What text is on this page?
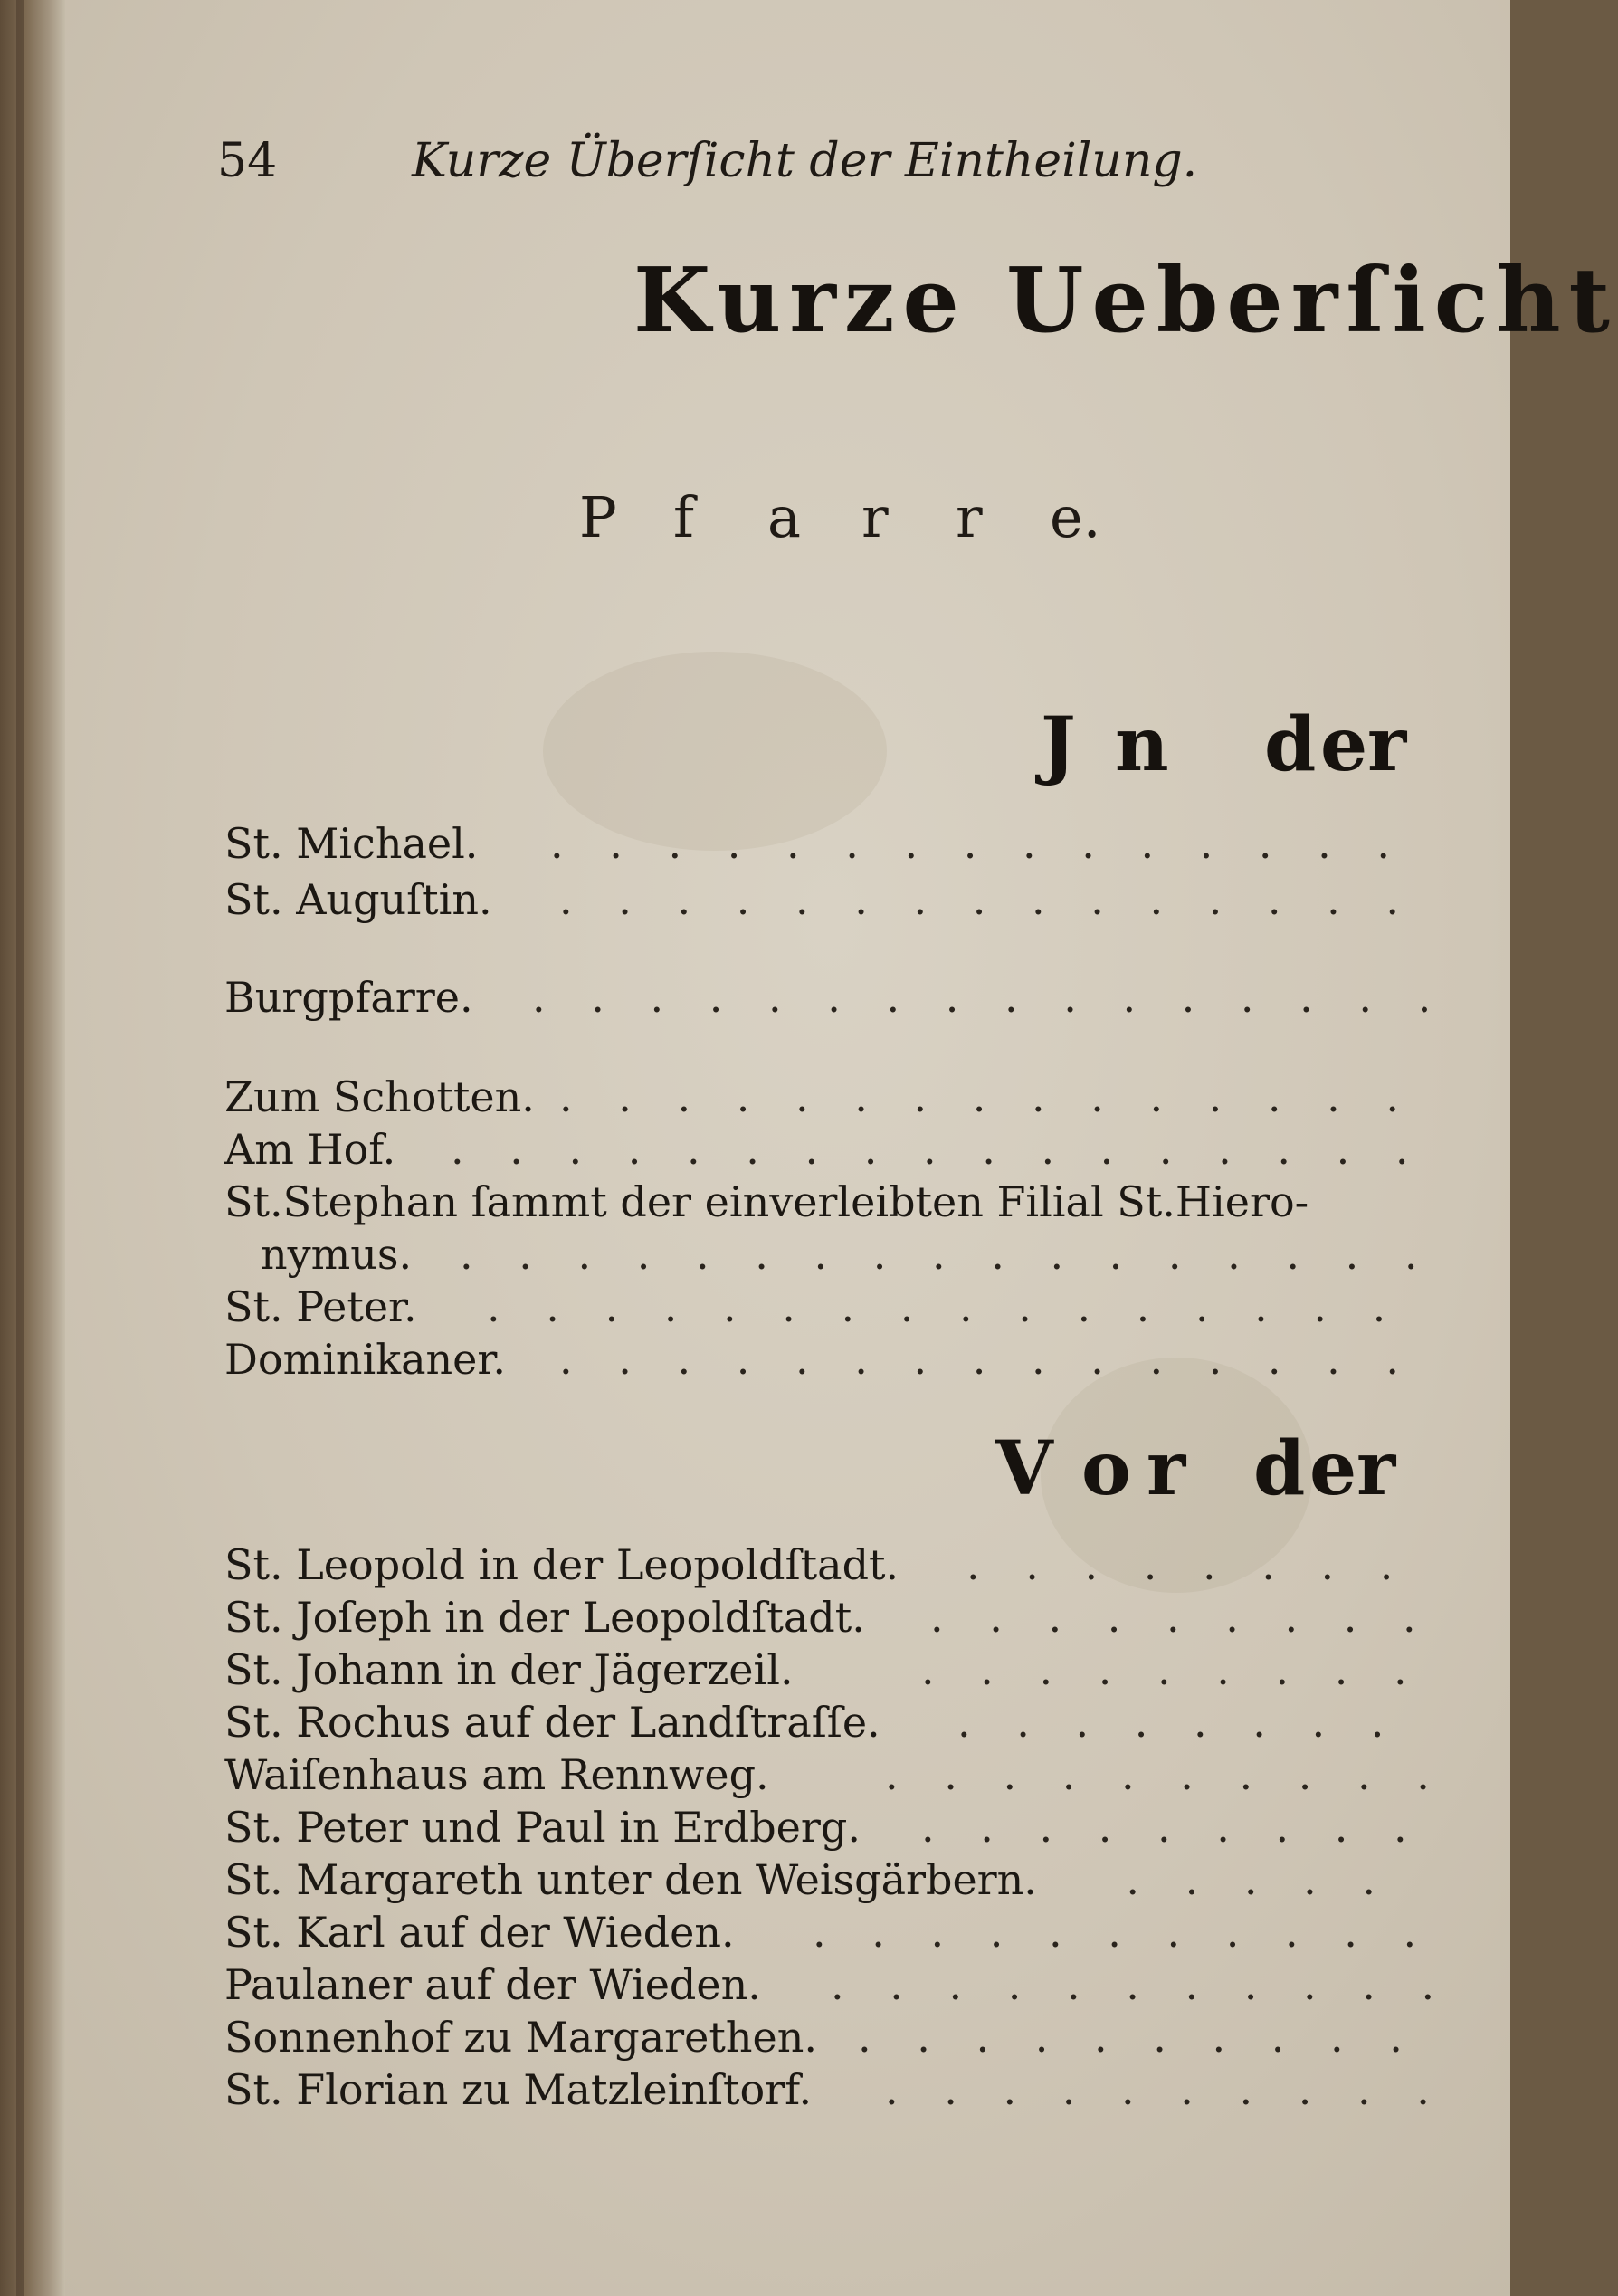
54	Kurze Überſicht der Eintheilung.
Kurze Ueberſicht
P f a r r e.
J n der
St. Michael. . . . . . . . . . . . . . . .
St. Auguſtin. . . . . . . . . . . . . . . .
Burgpfarre. . . . . . . . . . . . . . . . .
Zum Schotten. . . . . . . . . . . . . . . .
Am Hof. . . . . . . . . . . . . . . . . .
St.Stephan ſammt der einverleibten Filial St.Hiero-
nymus. . . . . . . . . . . . . . . . . .
St. Peter. . . . . . . . . . . . . . . . .
Dominikaner. . . . . . . . . . . . . . . .
V o r der
St. Leopold in der Leopoldſtadt. . . . . . . . .
St. Joſeph in der Leopoldſtadt. . . . . . . . . .
St. Johann in der Jägerzeil.	. . . . . . . . .
St. Rochus auf der Landſtraſſe. . . . . . . . .
Waiſenhaus am Rennweg.	. . . . . . . . . .
St. Peter und Paul in Erdberg. . . . . . . . . .
St. Margareth unter den Weisgärbern. . . . . .
St. Karl auf der Wieden. . . . . . . . . . . .
Paulaner auf der Wieden. . . . . . . . . . . .
Sonnenhof zu Margarethen. . . . . . . . . . .
St. Florian zu Matzleinſtorf. . . . . . . . . . .
